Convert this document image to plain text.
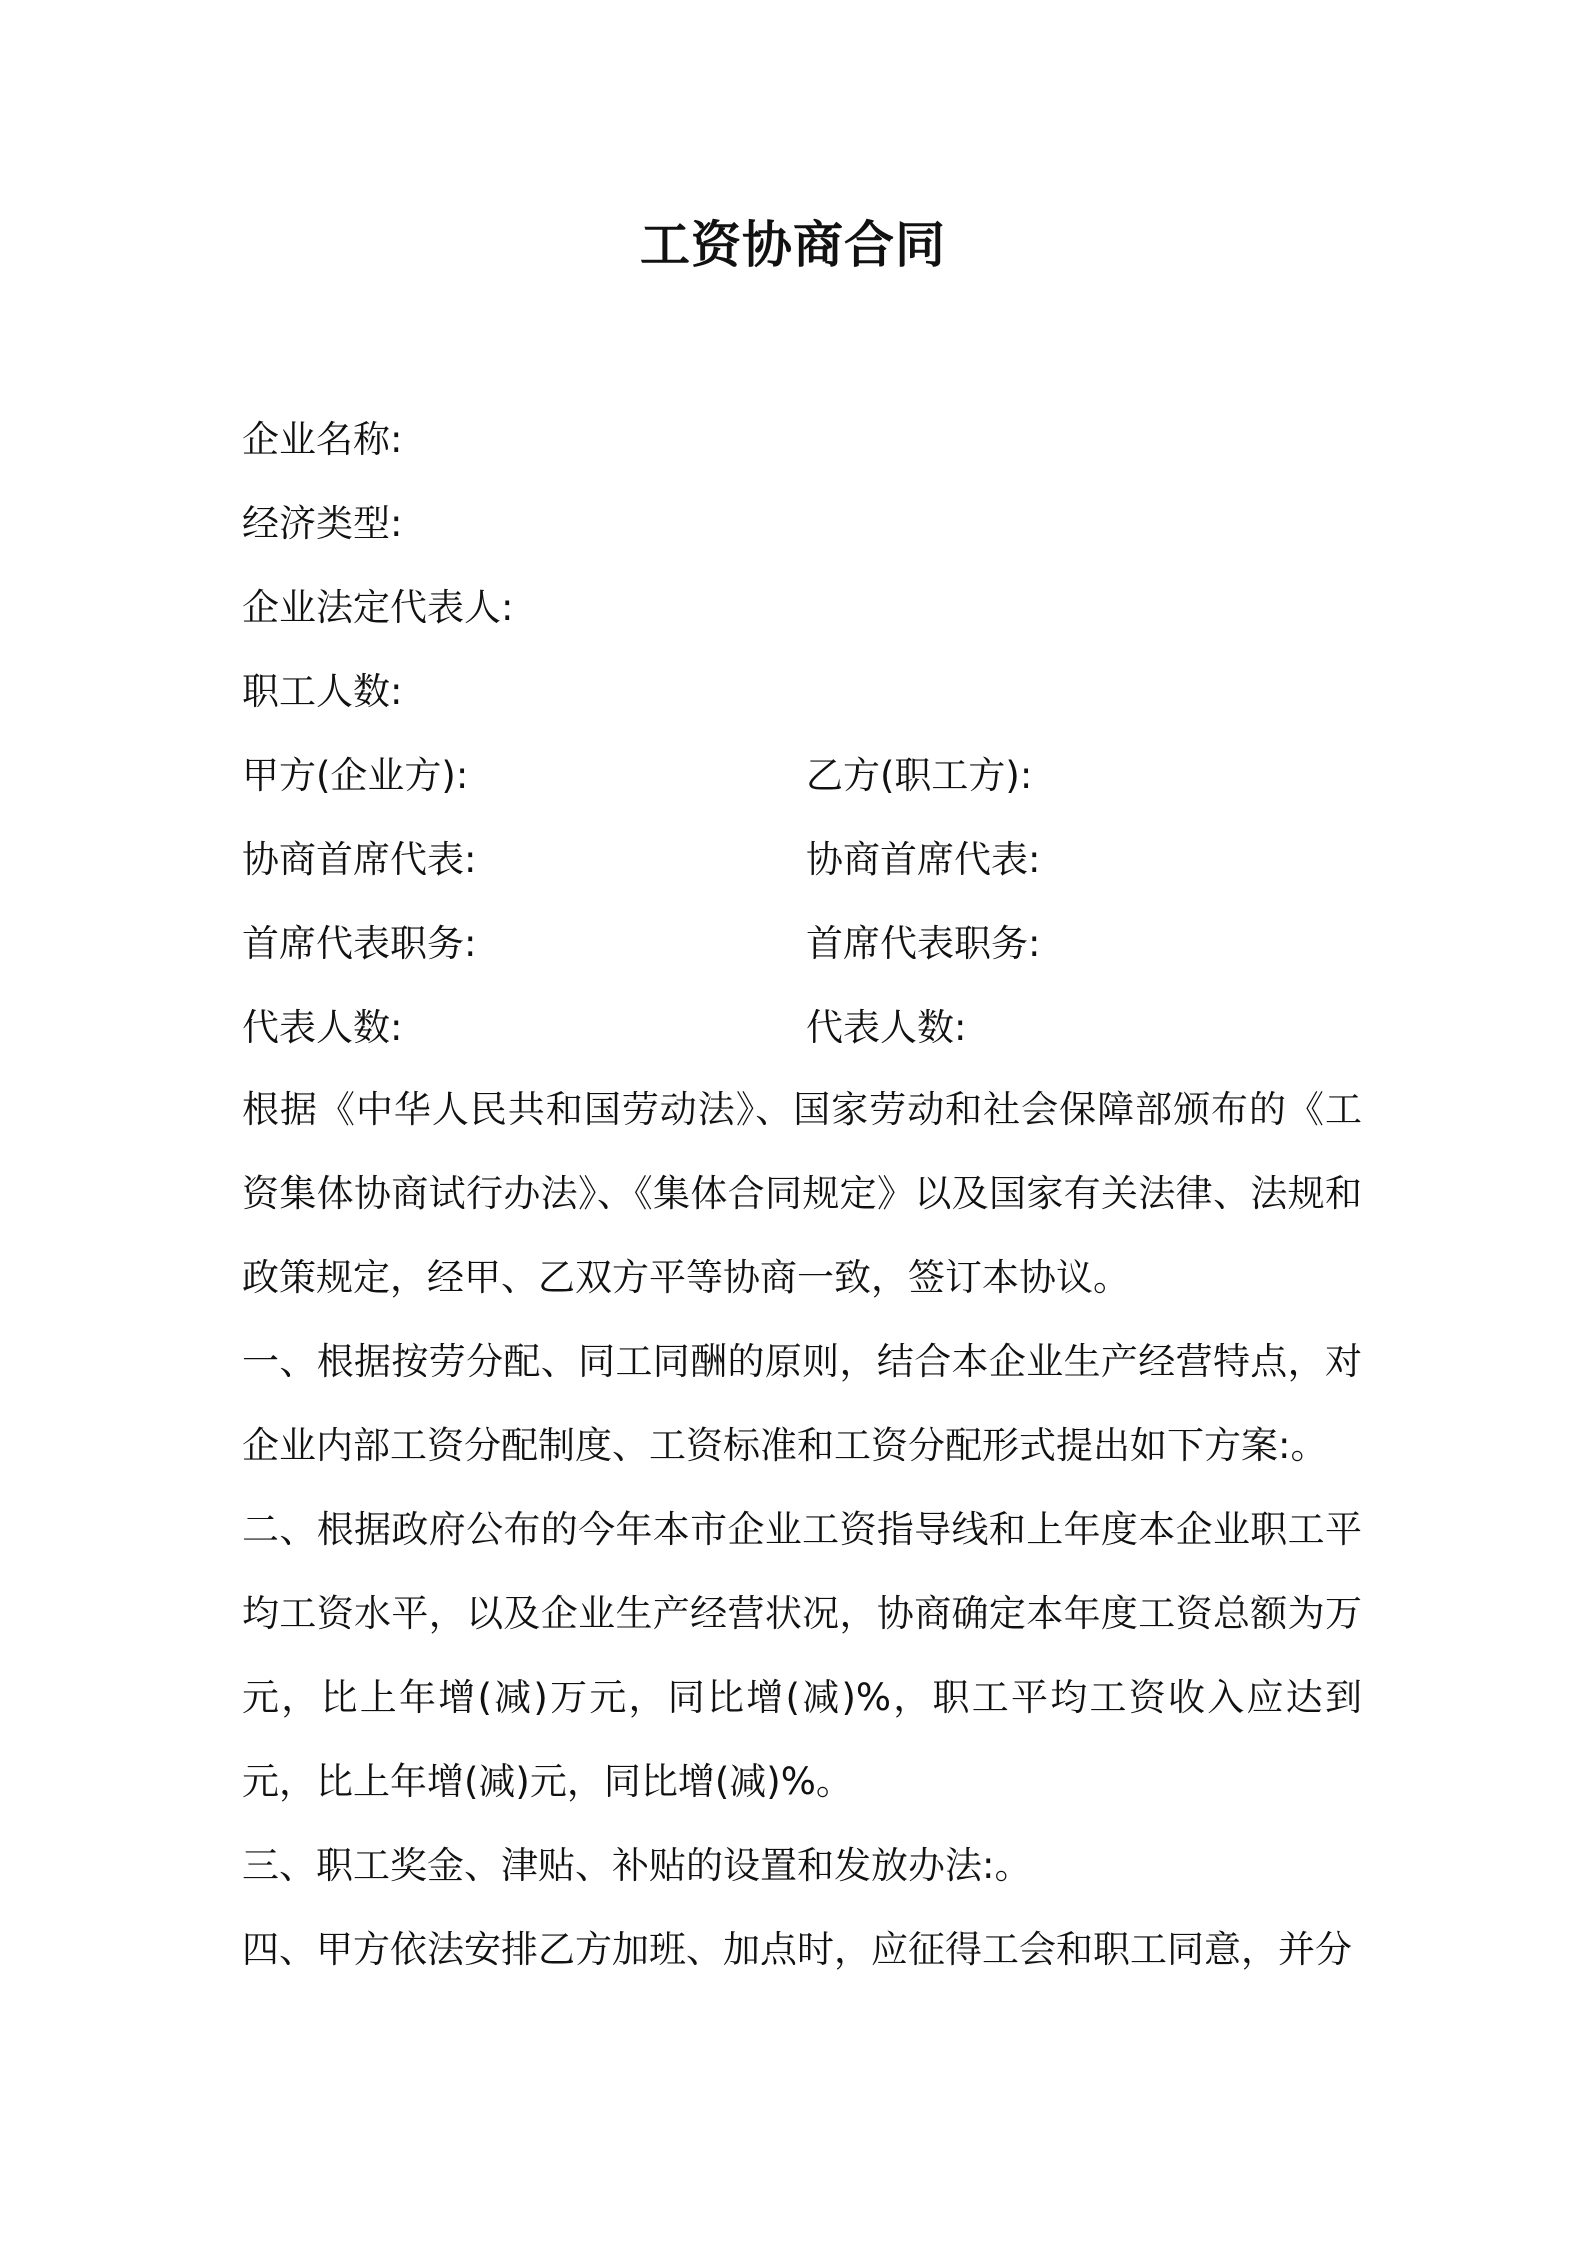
工资协商合同
企业名称:
经济类型:
企业法定代表人:
职工人数:
甲方(企业方):	乙方(职工方):
协商首席代表:	协商首席代表:
首席代表职务:	首席代表职务:
代表人数:	代表人数:

根据《中华人民共和国劳动法》、国家劳动和社会保障部颁布的《工资集体协商试行办法》、《集体合同规定》以及国家有关法律、法规和政策规定，经甲、乙双方平等协商一致，签订本协议。

一、根据按劳分配、同工同酬的原则，结合本企业生产经营特点，对企业内部工资分配制度、工资标准和工资分配形式提出如下方案:。

二、根据政府公布的今年本市企业工资指导线和上年度本企业职工平均工资水平，以及企业生产经营状况，协商确定本年度工资总额为万元，比上年增(减)万元，同比增(减)%，职工平均工资收入应达到元，比上年增(减)元，同比增(减)%。

三、职工奖金、津贴、补贴的设置和发放办法:。

四、甲方依法安排乙方加班、加点时，应征得工会和职工同意，并分
